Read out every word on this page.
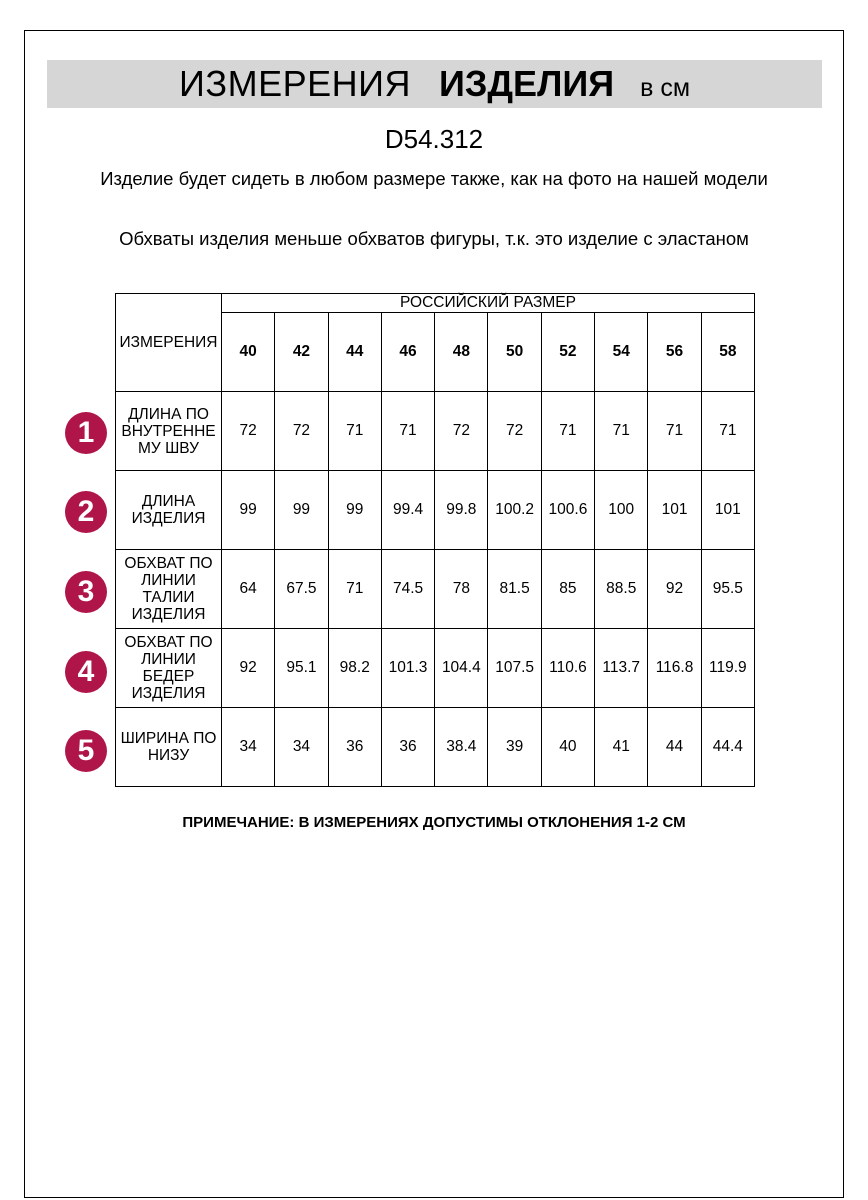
ИЗМЕРЕНИЯ ИЗДЕЛИЯ в см
D54.312
Изделие будет сидеть в любом размере также, как на фото на нашей модели
Обхваты изделия меньше обхватов фигуры, т.к. это изделие с эластаном
ИЗМЕРЕНИЯ	РОССИЙСКИЙ РАЗМЕР									
	40	42	44	46	48	50	52	54	56	58
ДЛИНА ПО ВНУТРЕННЕ МУ ШВУ	72	72	71	71	72	72	71	71	71	71
ДЛИНА ИЗДЕЛИЯ	99	99	99	99.4	99.8	100.2	100.6	100	101	101
ОБХВАТ ПО ЛИНИИ ТАЛИИ ИЗДЕЛИЯ	64	67.5	71	74.5	78	81.5	85	88.5	92	95.5
ОБХВАТ ПО ЛИНИИ БЕДЕР ИЗДЕЛИЯ	92	95.1	98.2	101.3	104.4	107.5	110.6	113.7	116.8	119.9
ШИРИНА ПО НИЗУ	34	34	36	36	38.4	39	40	41	44	44.4
1
2
3
4
5
ПРИМЕЧАНИЕ: В ИЗМЕРЕНИЯХ ДОПУСТИМЫ ОТКЛОНЕНИЯ 1-2 СМ
